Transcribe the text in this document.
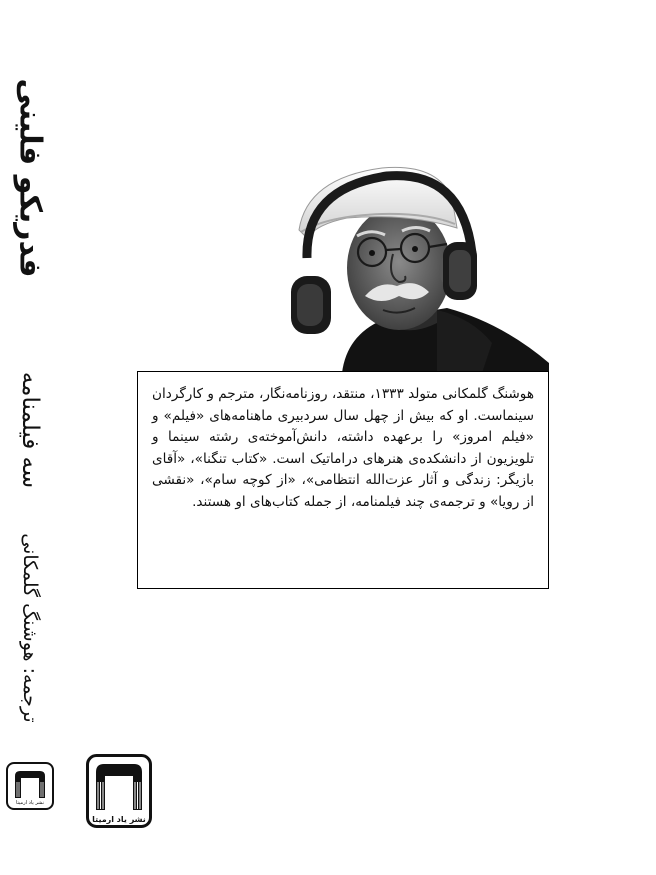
فدریکو فلینی
سه فیلمنامه
ترجمه: هوشنگ گلمکانی
نشر یاد ارمیتا

هوشنگ گلمکانی متولد ۱۳۳۳، منتقد، روزنامه‌نگار، مترجم و کارگردان سینماست. او که بیش از چهل سال سردبیری ماهنامه‌های «فیلم» و «فیلم امروز» را برعهده داشته، دانش‌آموخته‌ی رشته سینما و تلویزیون از دانشکده‌ی هنرهای دراماتیک است. «کتاب تنگنا»، «آقای بازیگر: زندگی و آثار عزت‌الله انتظامی»، «از کوچه سام»، «نقشی از رویا» و ترجمه‌ی چند فیلمنامه، از جمله کتاب‌های او هستند.

نشر یاد ارمیتا
